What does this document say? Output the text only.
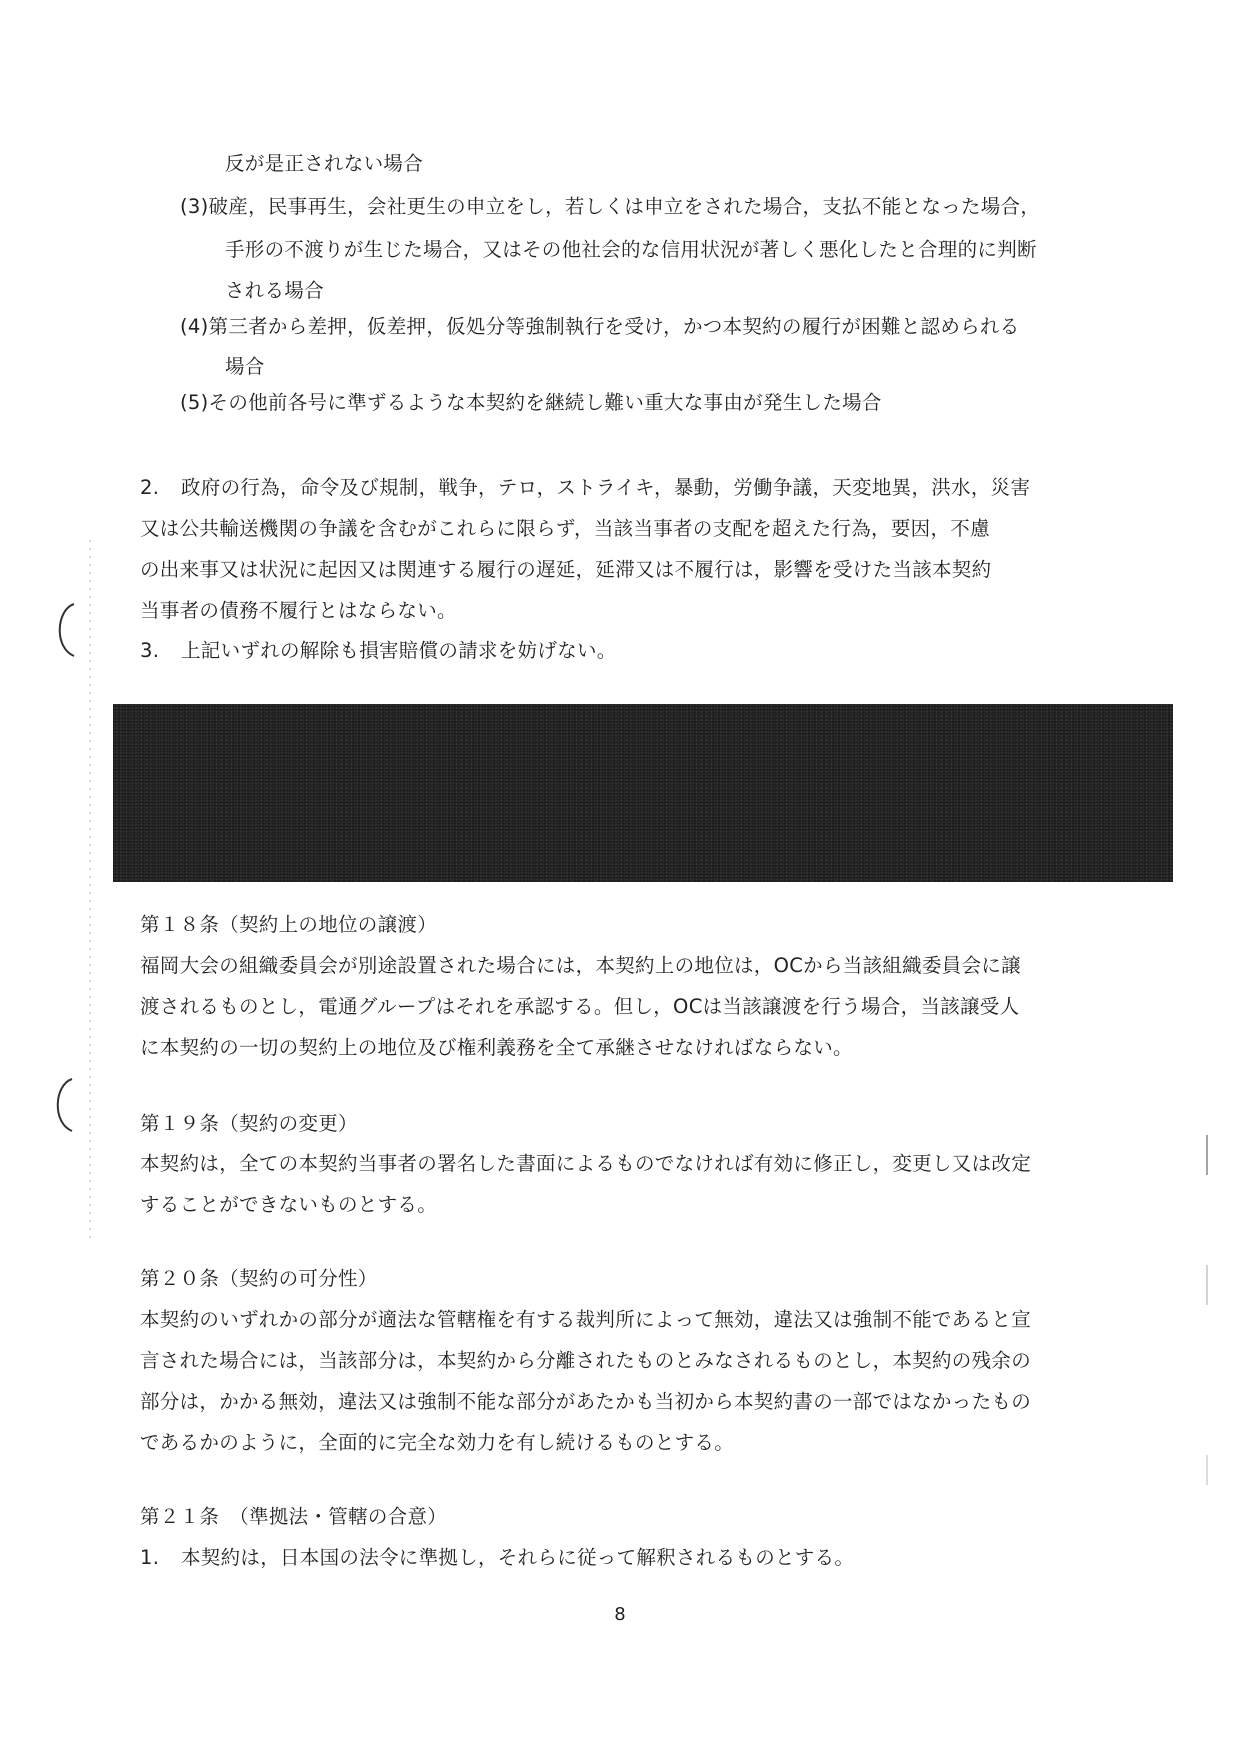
反が是正されない場合
(3)破産，民事再生，会社更生の申立をし，若しくは申立をされた場合，支払不能となった場合，
手形の不渡りが生じた場合，又はその他社会的な信用状況が著しく悪化したと合理的に判断
される場合
(4)第三者から差押，仮差押，仮処分等強制執行を受け，かつ本契約の履行が困難と認められる
場合
(5)その他前各号に準ずるような本契約を継続し難い重大な事由が発生した場合
2. 政府の行為，命令及び規制，戦争，テロ，ストライキ，暴動，労働争議，天変地異，洪水，災害
又は公共輸送機関の争議を含むがこれらに限らず，当該当事者の支配を超えた行為，要因，不慮
の出来事又は状況に起因又は関連する履行の遅延，延滞又は不履行は，影響を受けた当該本契約
当事者の債務不履行とはならない。
3. 上記いずれの解除も損害賠償の請求を妨げない。
第１８条（契約上の地位の譲渡）
福岡大会の組織委員会が別途設置された場合には，本契約上の地位は，OCから当該組織委員会に譲
渡されるものとし，電通グループはそれを承認する。但し，OCは当該譲渡を行う場合，当該譲受人
に本契約の一切の契約上の地位及び権利義務を全て承継させなければならない。
第１９条（契約の変更）
本契約は，全ての本契約当事者の署名した書面によるものでなければ有効に修正し，変更し又は改定
することができないものとする。
第２０条（契約の可分性）
本契約のいずれかの部分が適法な管轄権を有する裁判所によって無効，違法又は強制不能であると宣
言された場合には，当該部分は，本契約から分離されたものとみなされるものとし，本契約の残余の
部分は，かかる無効，違法又は強制不能な部分があたかも当初から本契約書の一部ではなかったもの
であるかのように，全面的に完全な効力を有し続けるものとする。
第２１条　（準拠法・管轄の合意）
1. 本契約は，日本国の法令に準拠し，それらに従って解釈されるものとする。
8
